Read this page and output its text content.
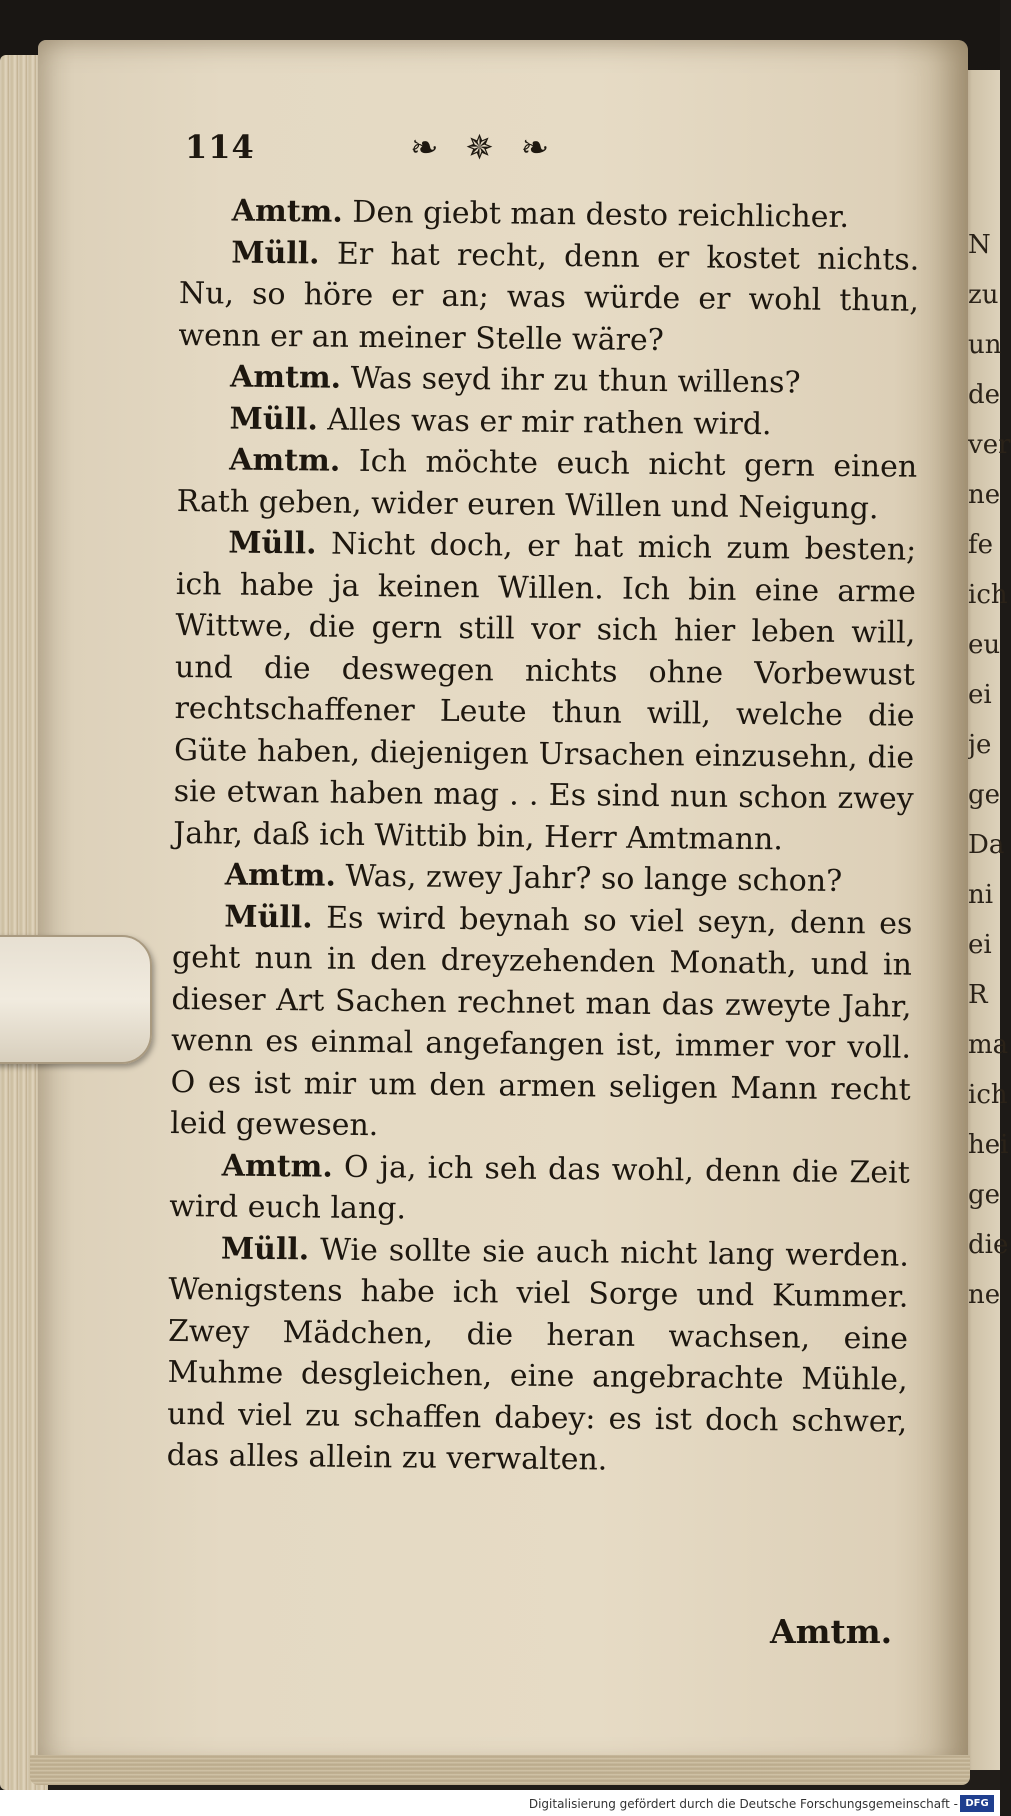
N
zu
un
de
ver
ne
fe
ich
eu
ei
je
ge
Da
ni
ei
R
ma
ich
hei
ge
die
ne
114	❧ ✵ ❧

Amtm. Den giebt man desto reichlicher.

Müll. Er hat recht, denn er kostet nichts. Nu, so höre er an; was würde er wohl thun, wenn er an meiner Stelle wäre?

Amtm. Was seyd ihr zu thun willens?

Müll. Alles was er mir rathen wird.

Amtm. Ich möchte euch nicht gern einen Rath geben, wider euren Willen und Neigung.

Müll. Nicht doch, er hat mich zum besten; ich habe ja keinen Willen. Ich bin eine arme Wittwe, die gern still vor sich hier leben will, und die deswegen nichts ohne Vorbewust rechtschaffener Leute thun will, welche die Güte haben, diejenigen Ursachen einzusehn, die sie etwan haben mag . . Es sind nun schon zwey Jahr, daß ich Wittib bin, Herr Amtmann.

Amtm. Was, zwey Jahr? so lange schon?

Müll. Es wird beynah so viel seyn, denn es geht nun in den dreyzehenden Monath, und in dieser Art Sachen rechnet man das zweyte Jahr, wenn es einmal angefangen ist, immer vor voll. O es ist mir um den armen seligen Mann recht leid gewesen.

Amtm. O ja, ich seh das wohl, denn die Zeit wird euch lang.

Müll. Wie sollte sie auch nicht lang werden. Wenigstens habe ich viel Sorge und Kummer. Zwey Mädchen, die heran wachsen, eine Muhme desgleichen, eine angebrachte Mühle, und viel zu schaffen dabey: es ist doch schwer, das alles allein zu verwalten.

Amtm.
Digitalisierung gefördert durch die Deutsche Forschungsgemeinschaft - DFG
